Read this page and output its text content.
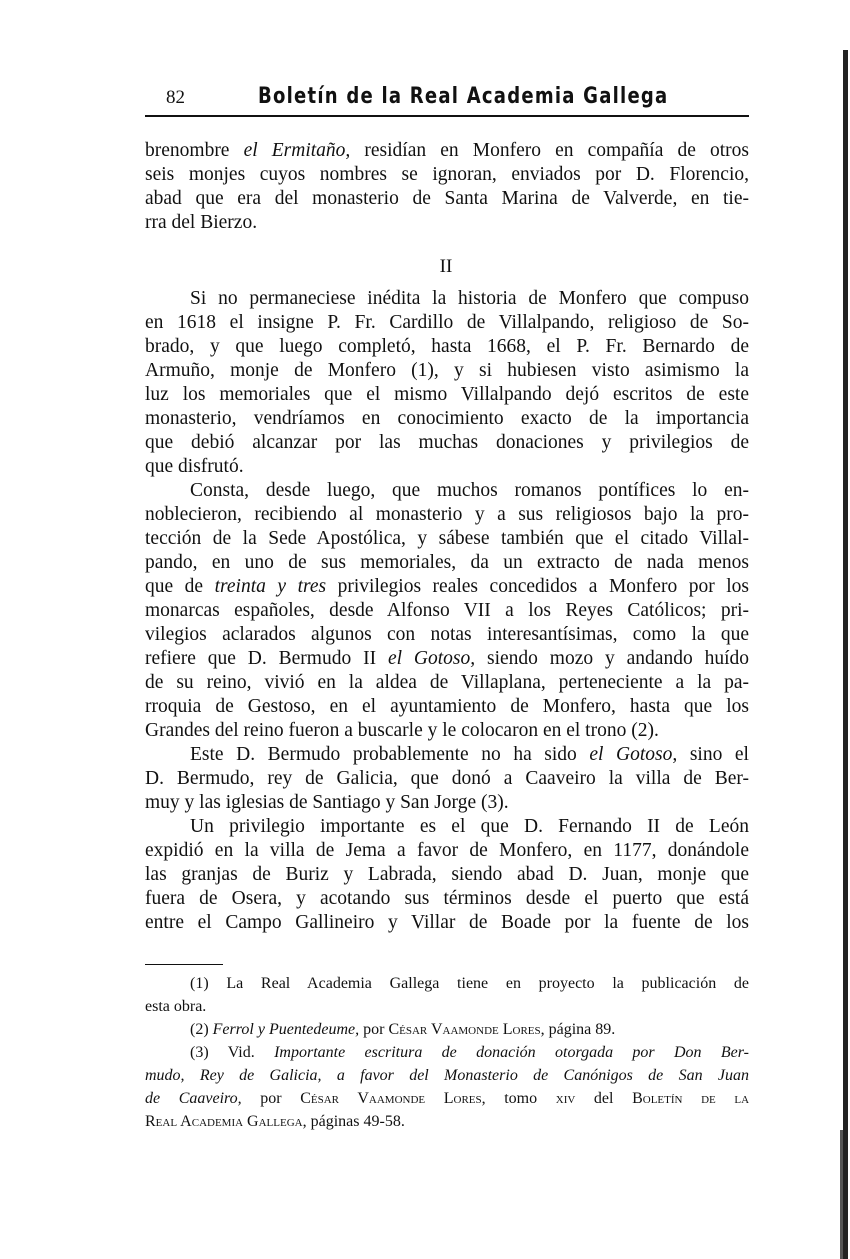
82	Boletín de la Real Academia Gallega
II
brenombre el Ermitaño, residían en Monfero en compañía de otros
seis monjes cuyos nombres se ignoran, enviados por D. Florencio,
abad que era del monasterio de Santa Marina de Valverde, en tie-
rra del Bierzo.
Si no permaneciese inédita la historia de Monfero que compuso
en 1618 el insigne P. Fr. Cardillo de Villalpando, religioso de So-
brado, y que luego completó, hasta 1668, el P. Fr. Bernardo de
Armuño, monje de Monfero (1), y si hubiesen visto asimismo la
luz los memoriales que el mismo Villalpando dejó escritos de este
monasterio, vendríamos en conocimiento exacto de la importancia
que debió alcanzar por las muchas donaciones y privilegios de
que disfrutó.
Consta, desde luego, que muchos romanos pontífices lo en-
noblecieron, recibiendo al monasterio y a sus religiosos bajo la pro-
tección de la Sede Apostólica, y sábese también que el citado Villal-
pando, en uno de sus memoriales, da un extracto de nada menos
que de treinta y tres privilegios reales concedidos a Monfero por los
monarcas españoles, desde Alfonso VII a los Reyes Católicos; pri-
vilegios aclarados algunos con notas interesantísimas, como la que
refiere que D. Bermudo II el Gotoso, siendo mozo y andando huído
de su reino, vivió en la aldea de Villaplana, perteneciente a la pa-
rroquia de Gestoso, en el ayuntamiento de Monfero, hasta que los
Grandes del reino fueron a buscarle y le colocaron en el trono (2).
Este D. Bermudo probablemente no ha sido el Gotoso, sino el
D. Bermudo, rey de Galicia, que donó a Caaveiro la villa de Ber-
muy y las iglesias de Santiago y San Jorge (3).
Un privilegio importante es el que D. Fernando II de León
expidió en la villa de Jema a favor de Monfero, en 1177, donándole
las granjas de Buriz y Labrada, siendo abad D. Juan, monje que
fuera de Osera, y acotando sus términos desde el puerto que está
entre el Campo Gallineiro y Villar de Boade por la fuente de los
(1) La Real Academia Gallega tiene en proyecto la publicación de
esta obra.
(2) Ferrol y Puentedeume, por César Vaamonde Lores, página 89.
(3) Vid. Importante escritura de donación otorgada por Don Ber-
mudo, Rey de Galicia, a favor del Monasterio de Canónigos de San Juan
de Caaveiro, por César Vaamonde Lores, tomo xiv del Boletín de la
Real Academia Gallega, páginas 49-58.
